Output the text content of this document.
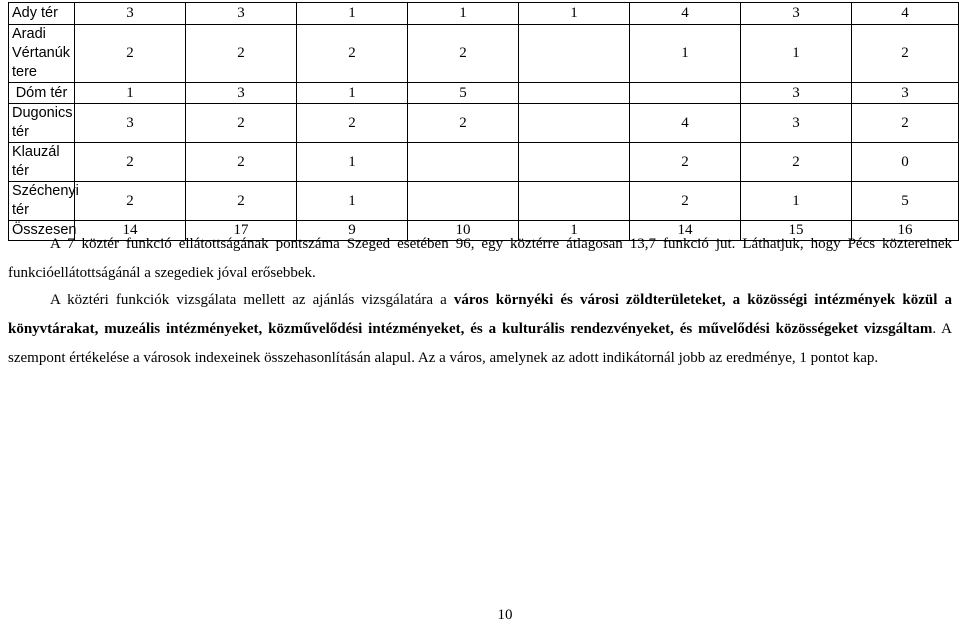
Ady tér	3	3	1	1	1	4	3	4
Aradi Vértanúk tere	2	2	2	2		1	1	2
Dóm tér	1	3	1	5			3	3
Dugonics tér	3	2	2	2		4	3	2
Klauzál tér	2	2	1			2	2	0
Széchenyi tér	2	2	1			2	1	5
Összesen	14	17	9	10	1	14	15	16

A 7 köztér funkció ellátottságának pontszáma Szeged esetében 96, egy köztérre átlagosan 13,7 funkció jut. Láthatjuk, hogy Pécs köztereinek funkcióellátottságánál a szegediek jóval erősebbek.

A köztéri funkciók vizsgálata mellett az ajánlás vizsgálatára a város környéki és városi zöldterületeket, a közösségi intézmények közül a könyvtárakat, muzeális intézményeket, közművelődési intézményeket, és a kulturális rendezvényeket, és művelődési közösségeket vizsgáltam. A szempont értékelése a városok indexeinek összehasonlításán alapul. Az a város, amelynek az adott indikátornál jobb az eredménye, 1 pontot kap.

10
